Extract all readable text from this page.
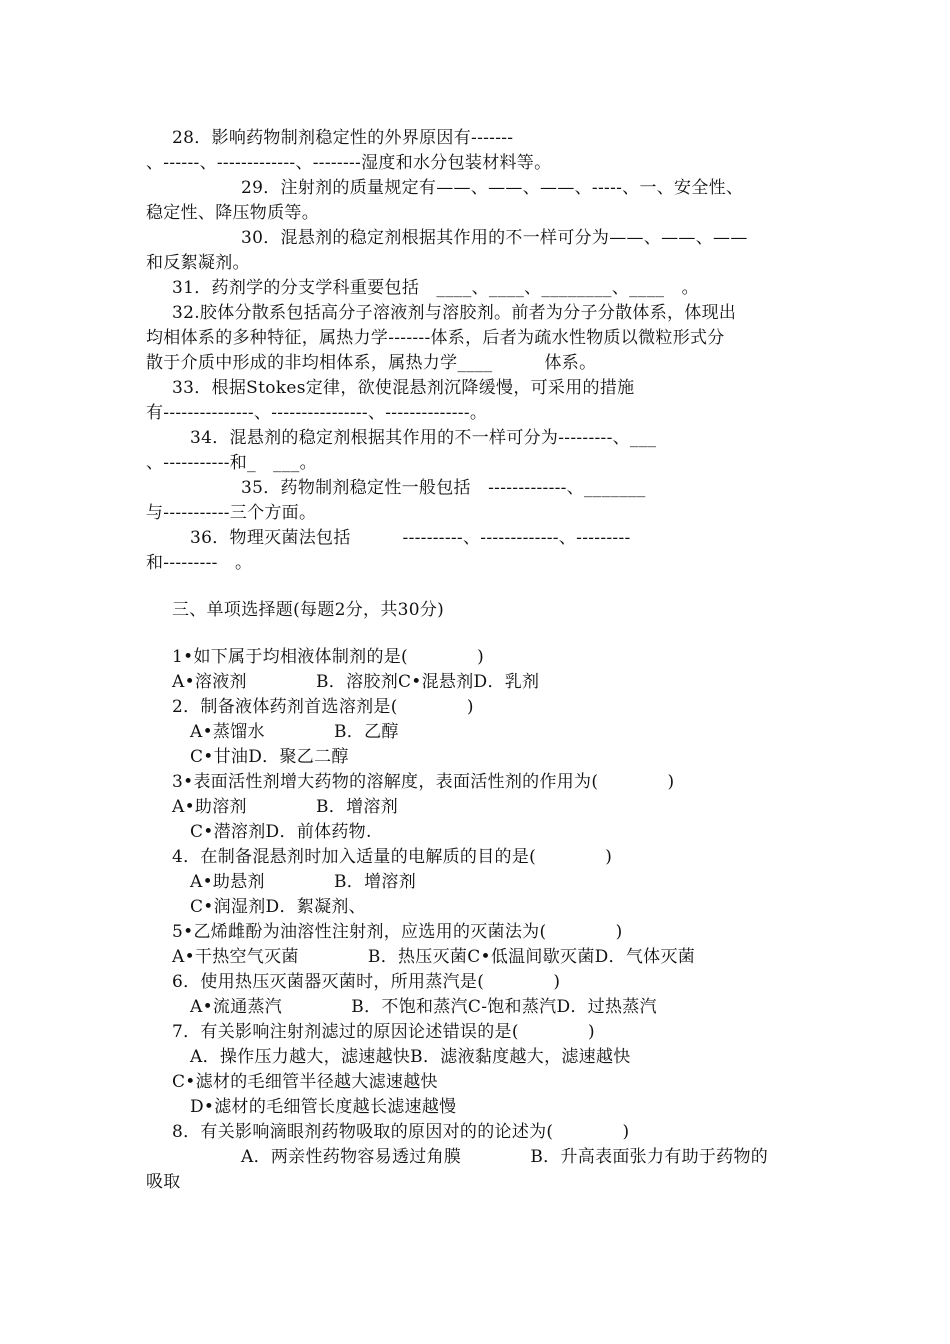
28．影响药物制剂稳定性的外界原因有-------
、------、-------------、--------湿度和水分包装材料等。
29．注射剂的质量规定有——、——、——、-----、一、安全性、
稳定性、降压物质等。
30．混悬剂的稳定剂根据其作用的不一样可分为——、——、——
和反絮凝剂。
31．药剂学的分支学科重要包括　____、____、________、____　。
32.胶体分散系包括高分子溶液剂与溶胶剂。前者为分子分散体系，体现出
均相体系的多种特征，属热力学-------体系，后者为疏水性物质以微粒形式分
散于介质中形成的非均相体系，属热力学____　　　体系。
33．根据Stokes定律，欲使混悬剂沉降缓慢，可采用的措施
有---------------、----------------、--------------。
34．混悬剂的稳定剂根据其作用的不一样可分为---------、___
、-----------和_　___。
35．药物制剂稳定性一般包括　-------------、_______
与-----------三个方面。
36．物理灭菌法包括　　　----------、-------------、---------
和---------　。
三、单项选择题(每题2分，共30分)
1•如下属于均相液体制剂的是(　　　　)
A•溶液剂　　　　B．溶胶剂C•混悬剂D．乳剂
2．制备液体药剂首选溶剂是(　　　　)
A•蒸馏水　　　　B．乙醇
C•甘油D．聚乙二醇
3•表面活性剂增大药物的溶解度，表面活性剂的作用为(　　　　)
A•助溶剂　　　　B．增溶剂
C•潜溶剂D．前体药物.
4．在制备混悬剂时加入适量的电解质的目的是(　　　　)
A•助悬剂　　　　B．增溶剂
C•润湿剂D．絮凝剂、
5•乙烯雌酚为油溶性注射剂，应选用的灭菌法为(　　　　)
A•干热空气灭菌　　　　B．热压灭菌C•低温间歇灭菌D．气体灭菌
6．使用热压灭菌器灭菌时，所用蒸汽是(　　　　)
A•流通蒸汽　　　　B．不饱和蒸汽C-饱和蒸汽D．过热蒸汽
7．有关影响注射剂滤过的原因论述错误的是(　　　　)
A．操作压力越大，滤速越快B．滤液黏度越大，滤速越快
C•滤材的毛细管半径越大滤速越快
D•滤材的毛细管长度越长滤速越慢
8．有关影响滴眼剂药物吸取的原因对的的论述为(　　　　)
A．两亲性药物容易透过角膜　　　　B．升高表面张力有助于药物的
吸取
